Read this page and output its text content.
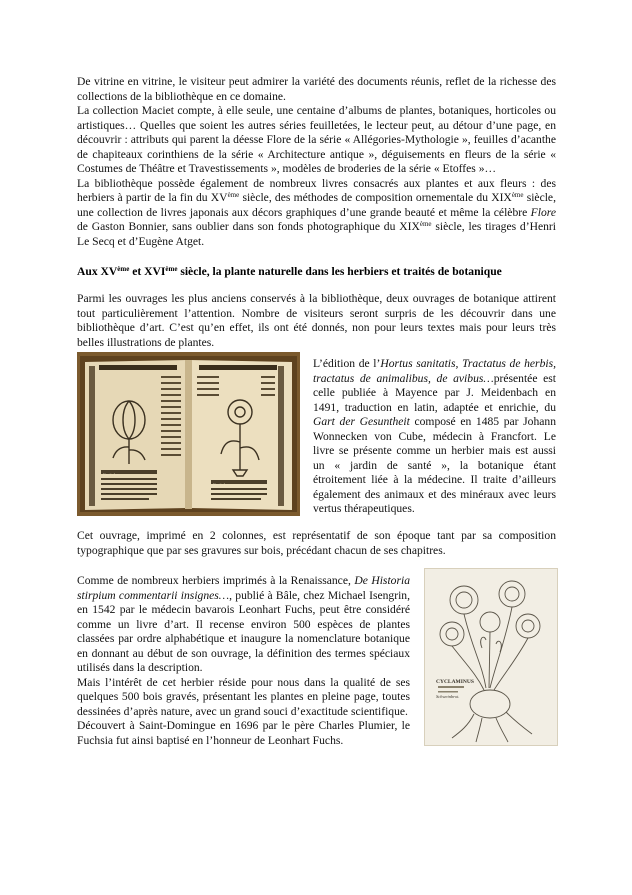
De vitrine en vitrine, le visiteur peut admirer la variété des documents réunis, reflet de la richesse des collections de la bibliothèque en ce domaine.

La collection Maciet compte, à elle seule, une centaine d’albums de plantes, botaniques, horticoles ou artistiques… Quelles que soient les autres séries feuilletées, le lecteur peut, au détour d’une page, en découvrir : attributs qui parent la déesse Flore de la série « Allégories-Mythologie », feuilles d’acanthe de chapiteaux corinthiens de la série « Architecture antique », déguisements en fleurs de la série « Costumes de Théâtre et Travestissements », modèles de broderies de la série « Etoffes »…

La bibliothèque possède également de nombreux livres consacrés aux plantes et aux fleurs : des herbiers à partir de la fin du XVème siècle, des méthodes de composition ornementale du XIXème siècle, une collection de livres japonais aux décors graphiques d’une grande beauté et même la célèbre Flore de Gaston Bonnier, sans oublier dans son fonds photographique du XIXème siècle, les tirages d’Henri Le Secq et d’Eugène Atget.

Aux XVème et XVIème siècle, la plante naturelle dans les herbiers et traités de botanique

Parmi les ouvrages les plus anciens conservés à la bibliothèque, deux ouvrages de botanique attirent tout particulièrement l’attention. Nombre de visiteurs seront surpris de les découvrir dans une bibliothèque d’art. C’est qu’en effet, ils ont été donnés, non pour leurs textes mais pour leurs très belles illustrations de plantes.

Cannus	De herbis
Capitulum
Capitulum

L’édition de l’Hortus sanitatis, Tractatus de herbis, tractatus de animalibus, de avibus…présentée est celle publiée à Mayence par J. Meidenbach en 1491, traduction en latin, adaptée et enrichie, du Gart der Gesuntheit composé en 1485 par Johann Wonnecken von Cube, médecin à Francfort. Le livre se présente comme un herbier mais est aussi un « jardin de santé », la botanique étant étroitement liée à la médecine. Il traite d’ailleurs également des animaux et des minéraux avec leurs vertus thérapeutiques.

Cet ouvrage, imprimé en 2 colonnes, est représentatif de son époque tant par sa composition typographique que par ses gravures sur bois, précédant chacun de ses chapitres.

Comme de nombreux herbiers imprimés à la Renaissance, De Historia stirpium commentarii insignes…, publié à Bâle, chez Michael Isengrin, en 1542 par le médecin bavarois Leonhart Fuchs, peut être considéré comme un livre d’art. Il recense environ 500 espèces de plantes classées par ordre alphabétique et inaugure la nomenclature botanique en donnant au début de son ouvrage, la définition des termes spéciaux utilisés dans la description.

Mais l’intérêt de cet herbier réside pour nous dans la qualité de ses quelques 500 bois gravés, présentant les plantes en pleine page, toutes dessinées d’après nature, avec un grand souci d’exactitude scientifique.

Découvert à Saint-Domingue en 1696 par le père Charles Plumier, le Fuchsia fut ainsi baptisé en l’honneur de Leonhart Fuchs.

CYCLAMINUS
Schweinbrot.
